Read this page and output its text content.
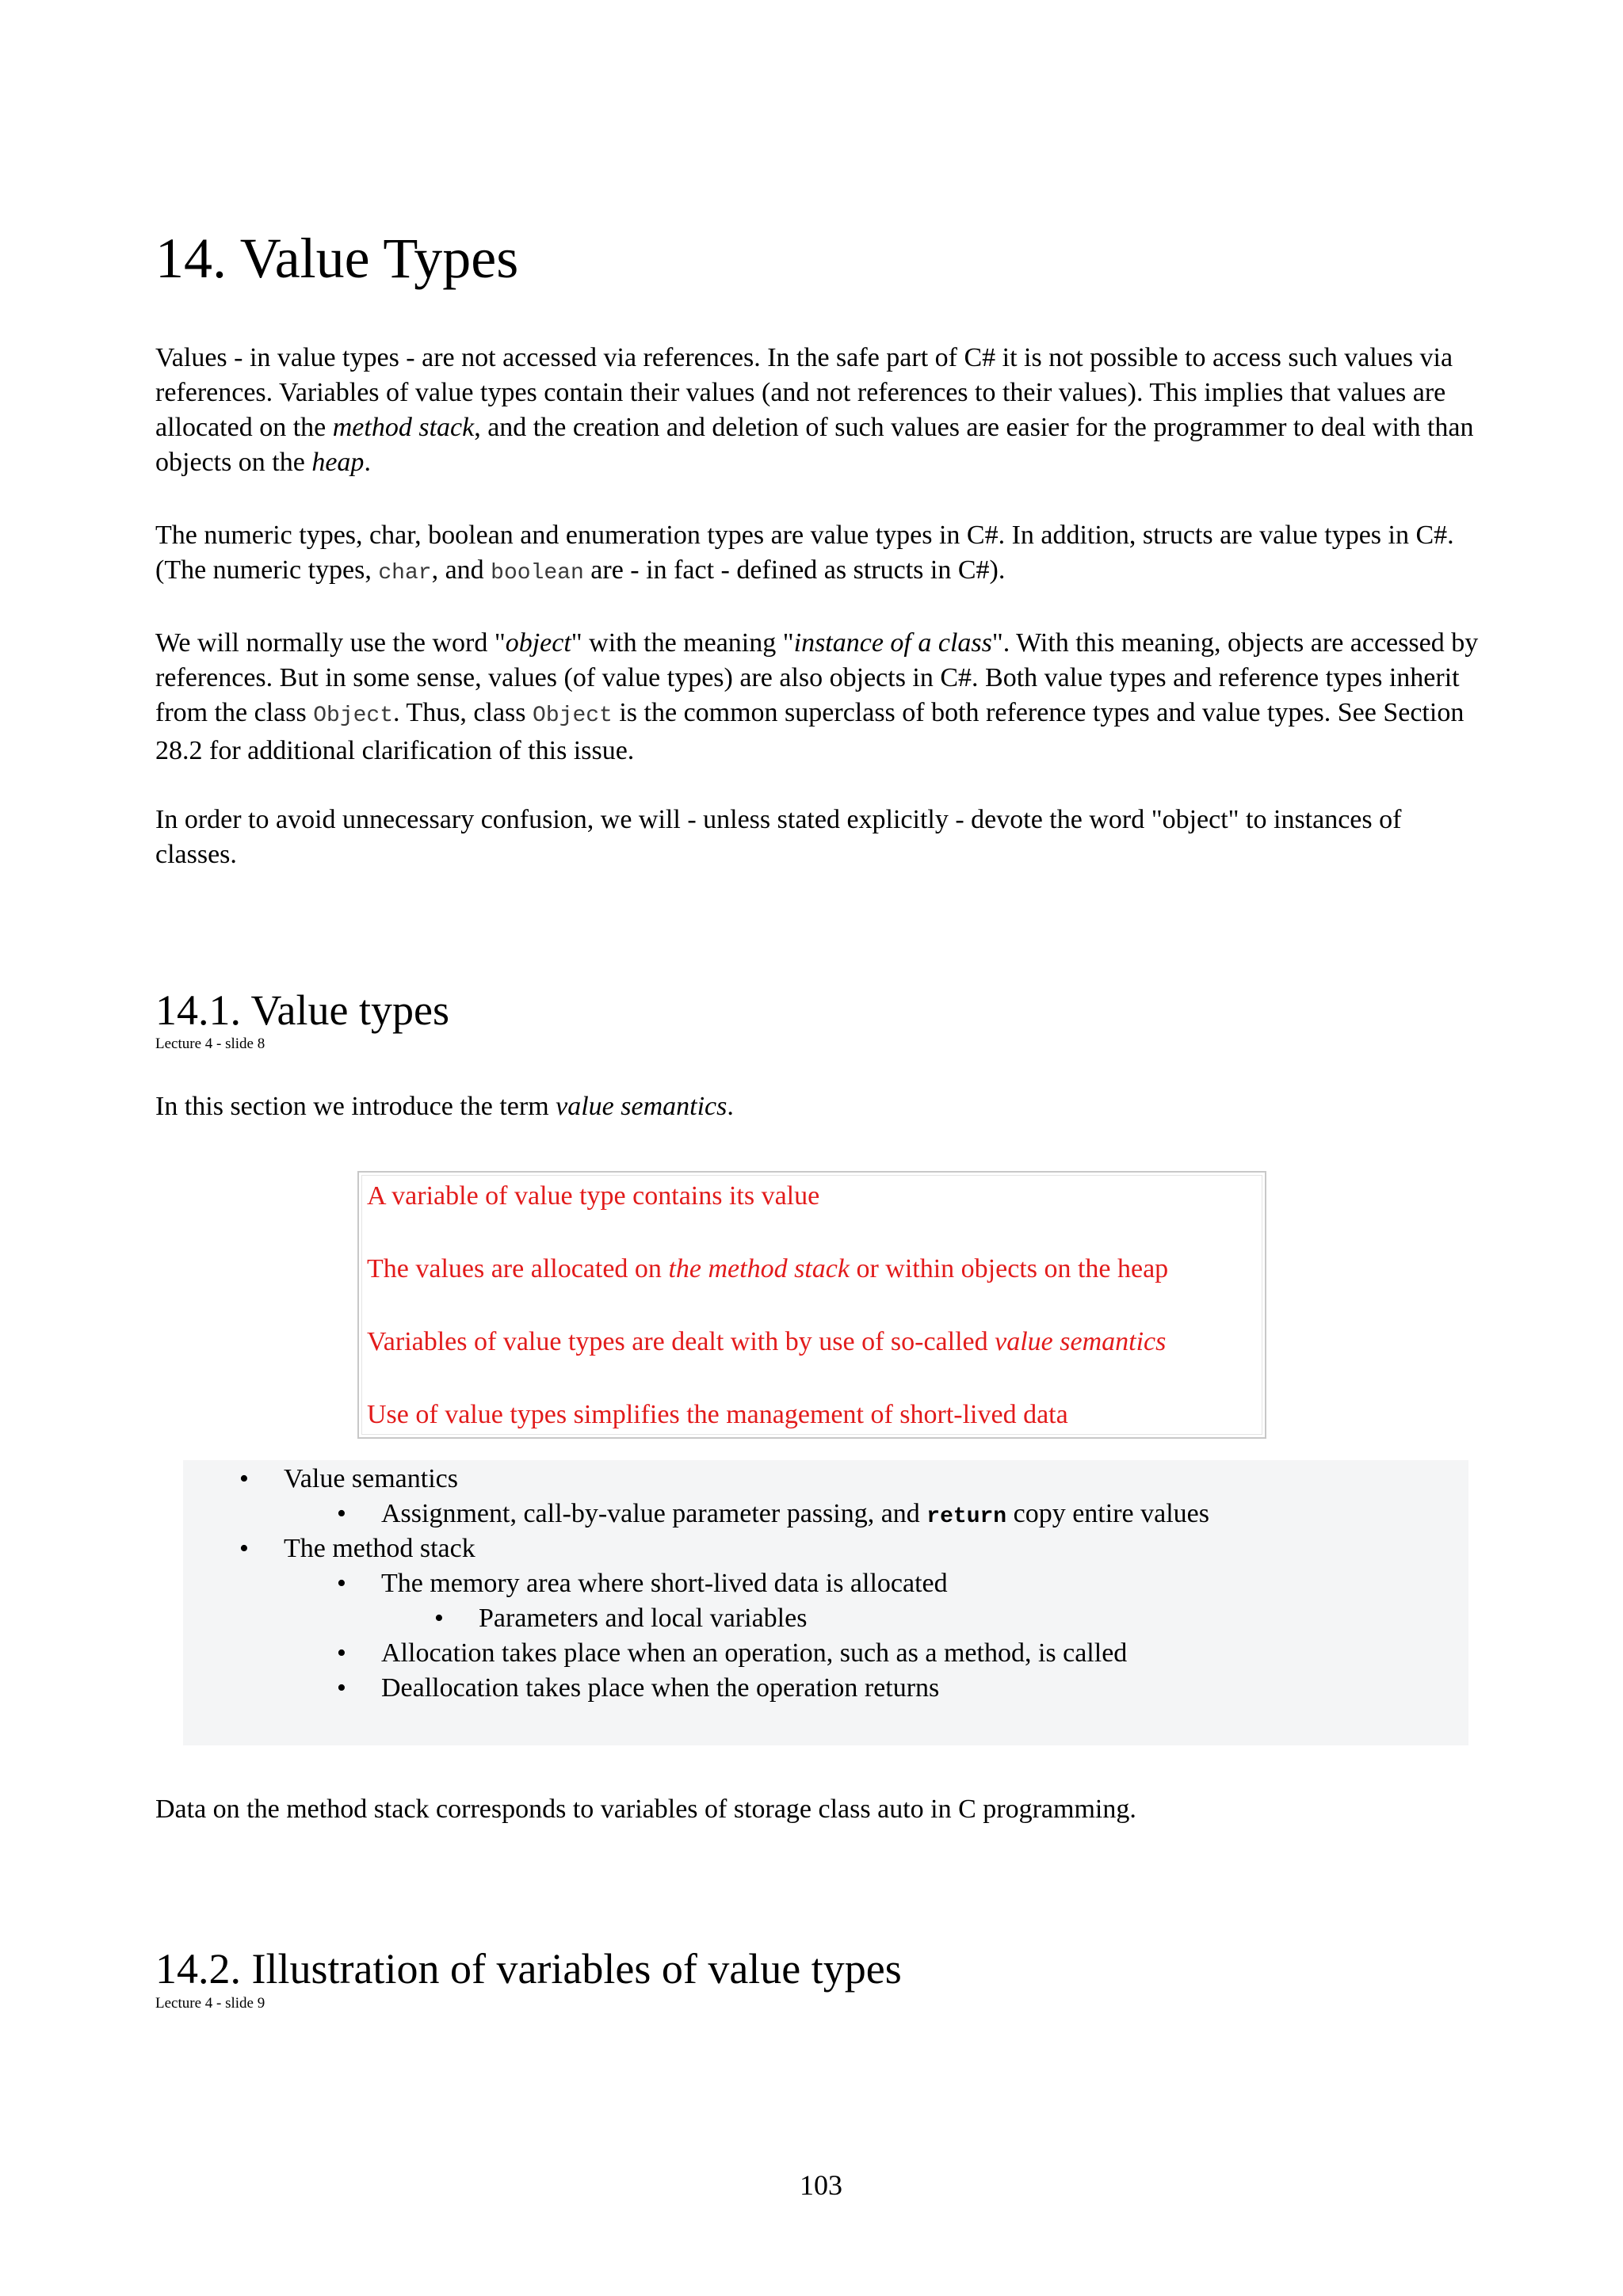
14. Value Types

Values - in value types - are not accessed via references. In the safe part of C# it is not possible to access such values via references. Variables of value types contain their values (and not references to their values). This implies that values are allocated on the method stack, and the creation and deletion of such values are easier for the programmer to deal with than objects on the heap.

The numeric types, char, boolean and enumeration types are value types in C#. In addition, structs are value types in C#. (The numeric types, char, and boolean are - in fact - defined as structs in C#).

We will normally use the word "object" with the meaning "instance of a class". With this meaning, objects are accessed by references. But in some sense, values (of value types) are also objects in C#. Both value types and reference types inherit from the class Object. Thus, class Object is the common superclass of both reference types and value types. See Section 28.2 for additional clarification of this issue.

In order to avoid unnecessary confusion, we will - unless stated explicitly - devote the word "object" to instances of classes.

14.1. Value types
Lecture 4 - slide 8

In this section we introduce the term value semantics.

A variable of value type contains its value

The values are allocated on the method stack or within objects on the heap

Variables of value types are dealt with by use of so-called value semantics

Use of value types simplifies the management of short-lived data

• Value semantics
• Assignment, call-by-value parameter passing, and return copy entire values
• The method stack
• The memory area where short-lived data is allocated
• Parameters and local variables
• Allocation takes place when an operation, such as a method, is called
• Deallocation takes place when the operation returns

Data on the method stack corresponds to variables of storage class auto in C programming.

14.2. Illustration of variables of value types
Lecture 4 - slide 9
103
